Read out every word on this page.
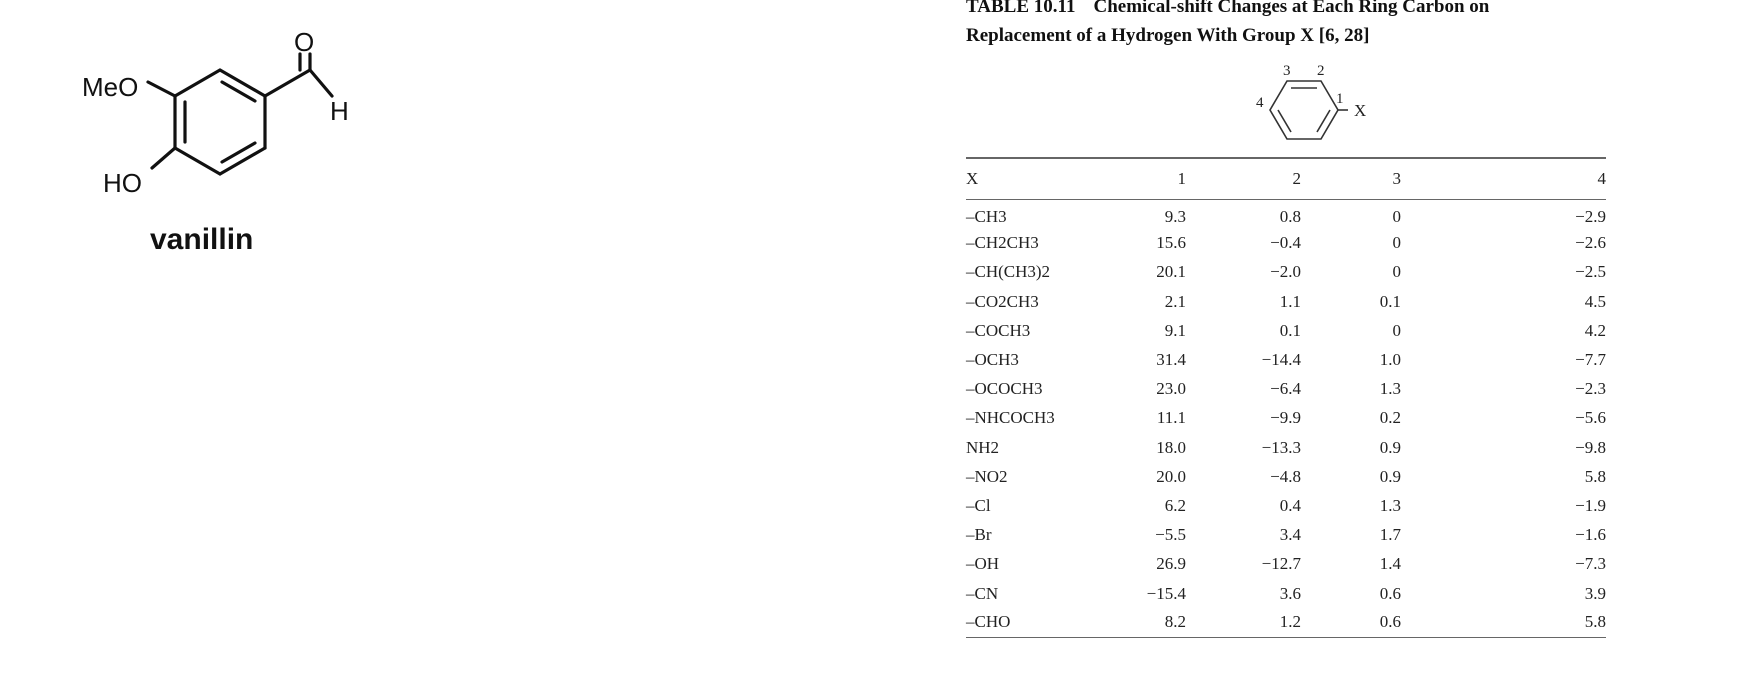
O
H
MeO
HO
vanillin
TABLE 10.11 Chemical-shift Changes at Each Ring Carbon on
Replacement of a Hydrogen With Group X [6, 28]
1
2
3
4	X
X	1	2	3	4
–CH3	9.3	0.8	0	−2.9
–CH2CH3	15.6	−0.4	0	−2.6
–CH(CH3)2	20.1	−2.0	0	−2.5
–CO2CH3	2.1	1.1	0.1	4.5
–COCH3	9.1	0.1	0	4.2
–OCH3	31.4	−14.4	1.0	−7.7
–OCOCH3	23.0	−6.4	1.3	−2.3
–NHCOCH3	11.1	−9.9	0.2	−5.6
NH2	18.0	−13.3	0.9	−9.8
–NO2	20.0	−4.8	0.9	5.8
–Cl	6.2	0.4	1.3	−1.9
–Br	−5.5	3.4	1.7	−1.6
–OH	26.9	−12.7	1.4	−7.3
–CN	−15.4	3.6	0.6	3.9
–CHO	8.2	1.2	0.6	5.8
